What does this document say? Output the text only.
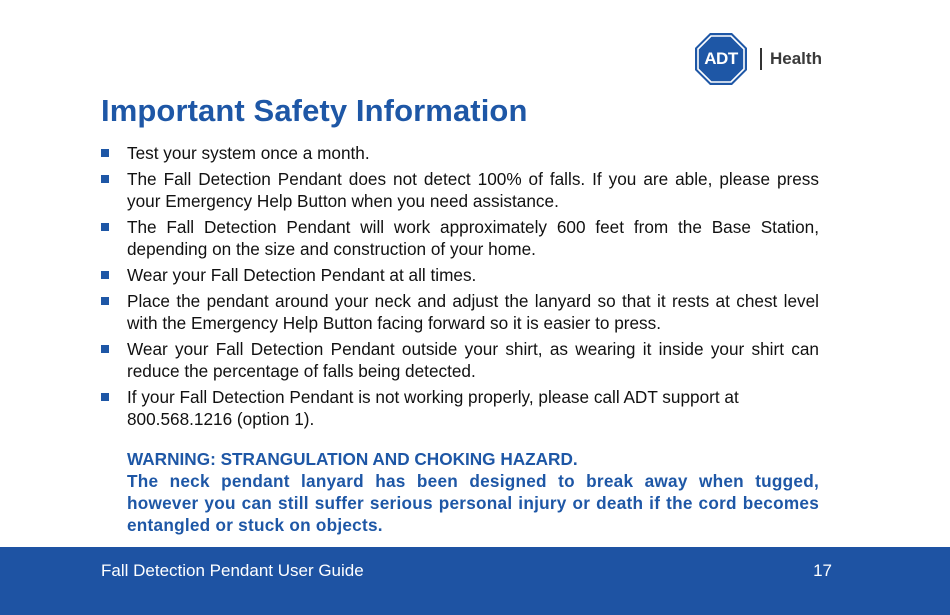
ADT Health
Important Safety Information
Test your system once a month.
The Fall Detection Pendant does not detect 100% of falls. If you are able, please press your Emergency Help Button when you need assistance.
The Fall Detection Pendant will work approximately 600 feet from the Base Station, depending on the size and construction of your home.
Wear your Fall Detection Pendant at all times.
Place the pendant around your neck and adjust the lanyard so that it rests at chest level with the Emergency Help Button facing forward so it is easier to press.
Wear your Fall Detection Pendant outside your shirt, as wearing it inside your shirt can reduce the percentage of falls being detected.
If your Fall Detection Pendant is not working properly, please call ADT support at 800.568.1216 (option 1).
WARNING: STRANGULATION AND CHOKING HAZARD.
The neck pendant lanyard has been designed to break away when tugged, however you can still suffer serious personal injury or death if the cord becomes entangled or stuck on objects.
Fall Detection Pendant User Guide	17
